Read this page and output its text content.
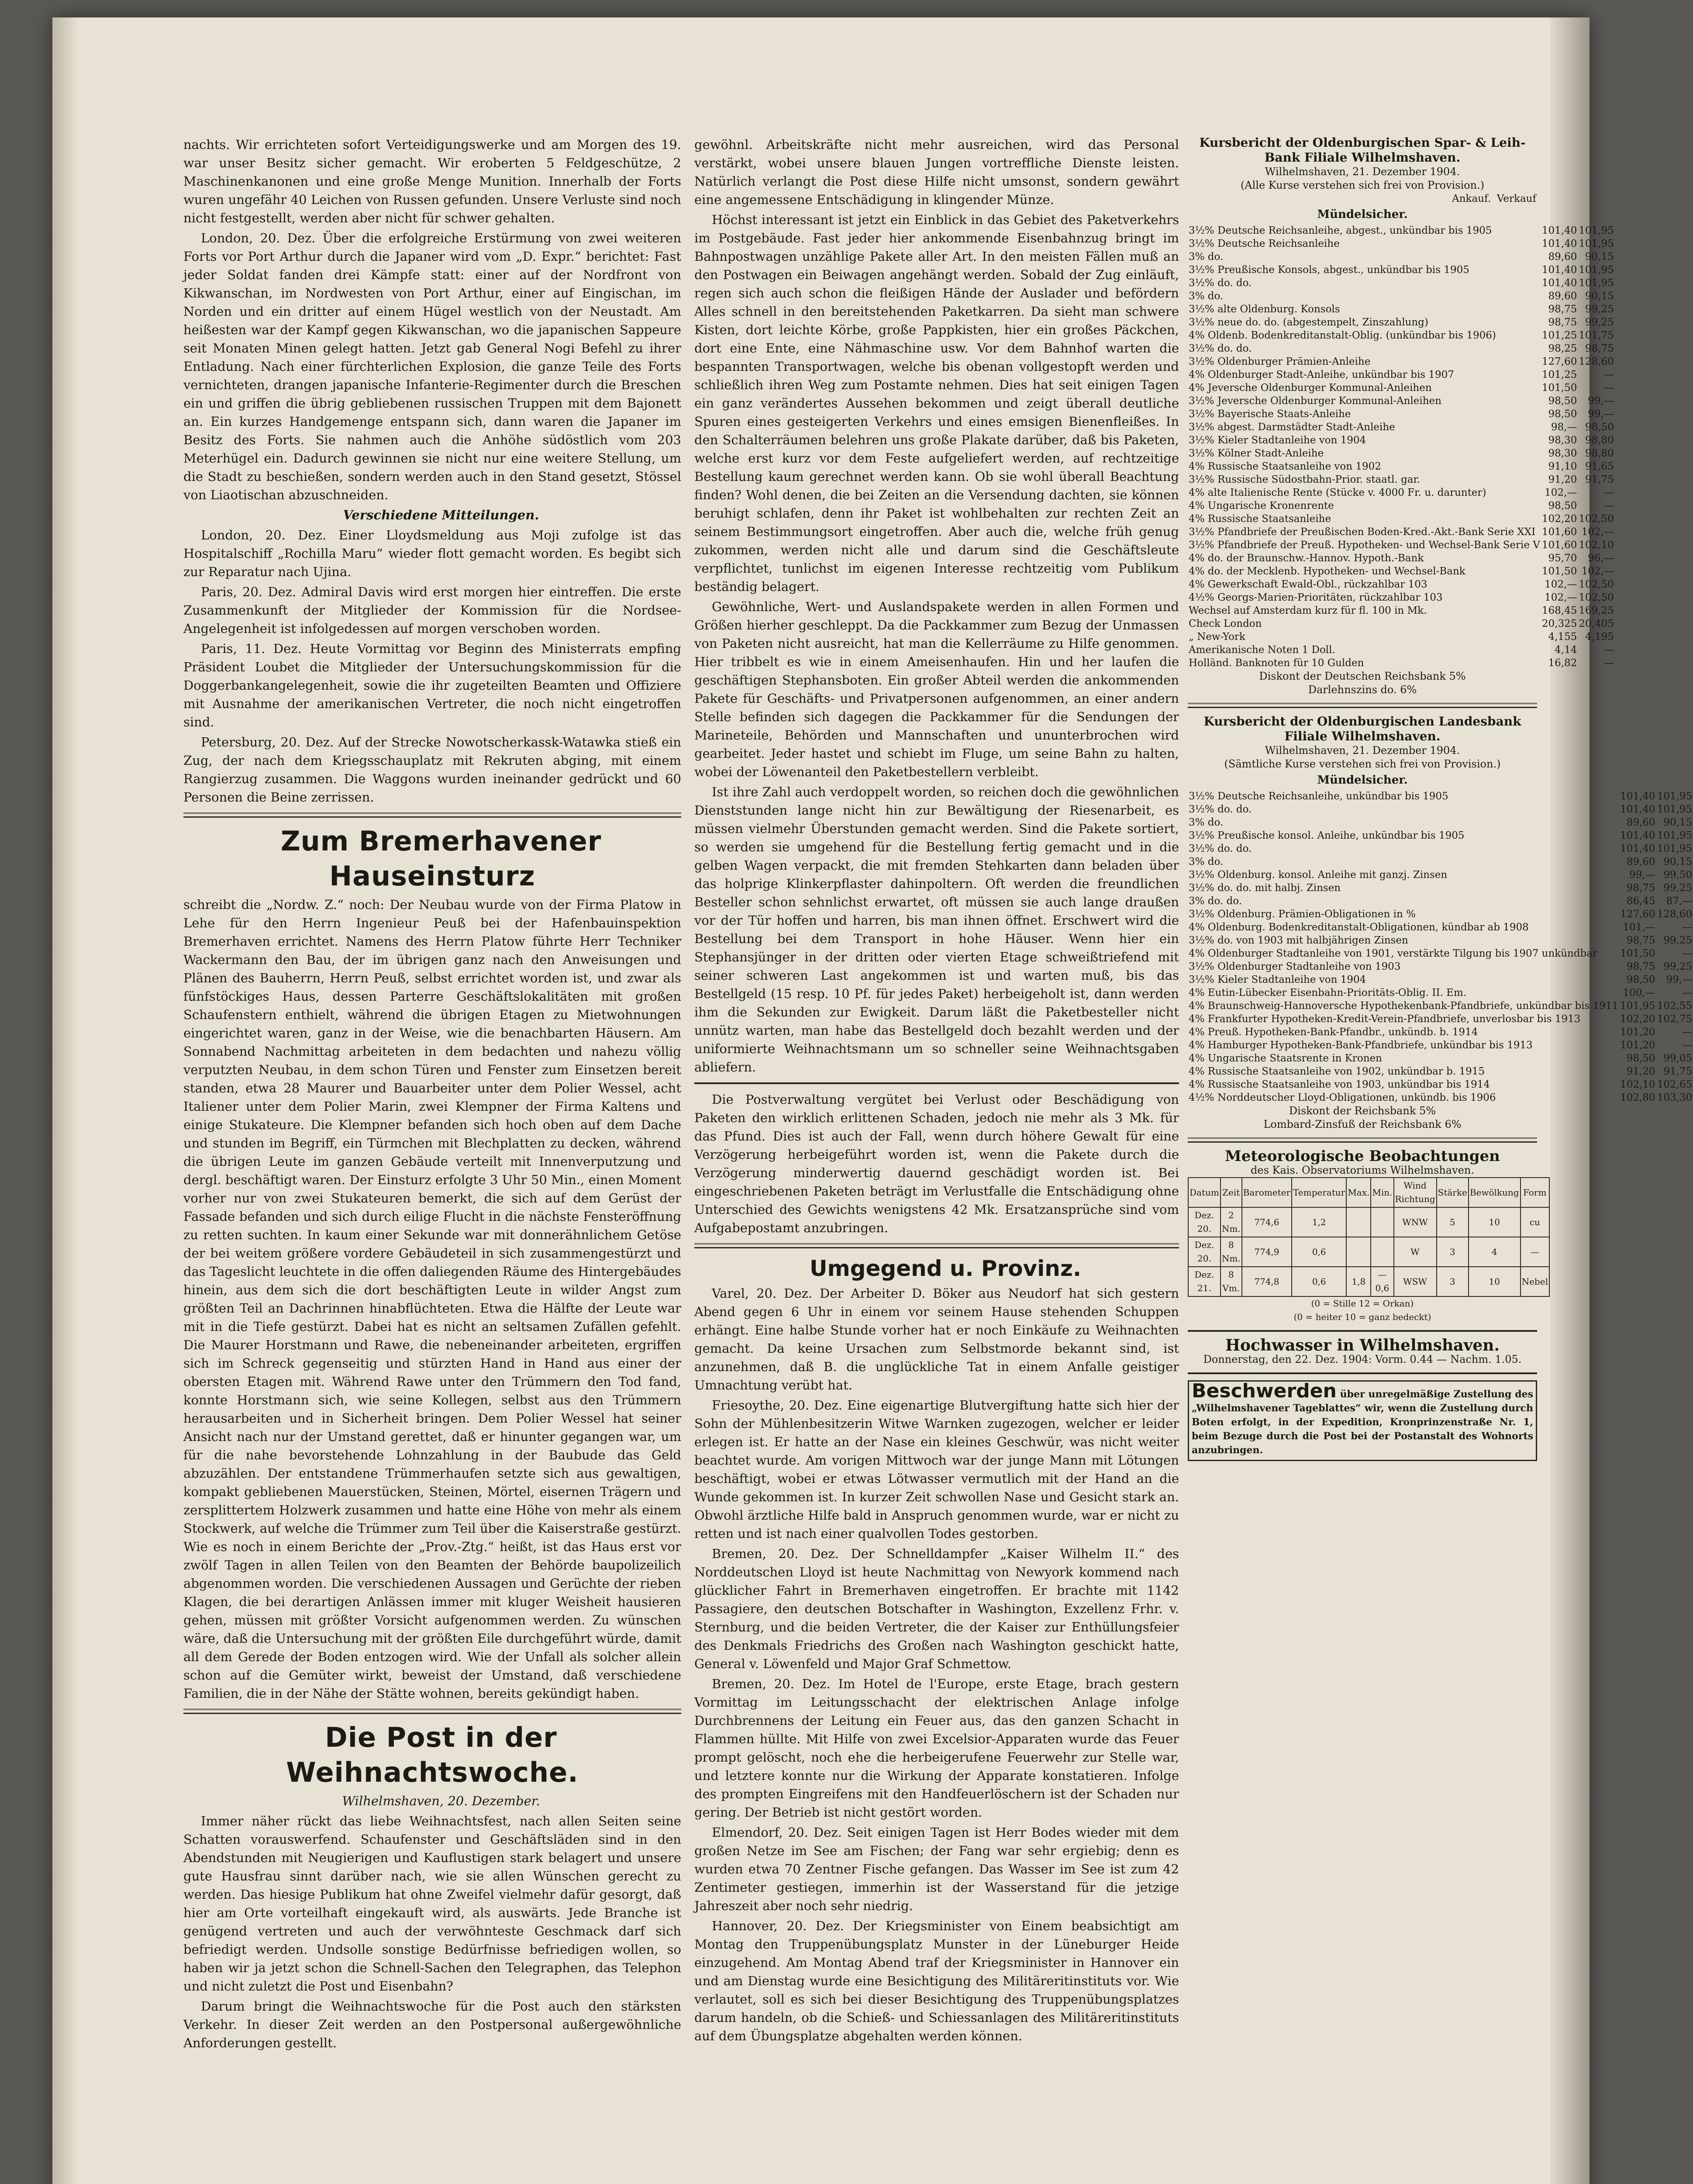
nachts. Wir errichteten sofort Verteidigungswerke und am Morgen des 19. war unser Besitz sicher gemacht. Wir eroberten 5 Feldgeschütze, 2 Maschinenkanonen und eine große Menge Munition. Innerhalb der Forts wuren ungefähr 40 Leichen von Russen gefunden. Unsere Verluste sind noch nicht festgestellt, werden aber nicht für schwer gehalten.

London, 20. Dez. Über die erfolgreiche Erstürmung von zwei weiteren Forts vor Port Arthur durch die Japaner wird vom „D. Expr.“ berichtet: Fast jeder Soldat fanden drei Kämpfe statt: einer auf der Nordfront von Kikwanschan, im Nordwesten von Port Arthur, einer auf Eingischan, im Norden und ein dritter auf einem Hügel westlich von der Neustadt. Am heißesten war der Kampf gegen Kikwanschan, wo die japanischen Sappeure seit Monaten Minen gelegt hatten. Jetzt gab General Nogi Befehl zu ihrer Entladung. Nach einer fürchterlichen Explosion, die ganze Teile des Forts vernichteten, drangen japanische Infanterie-Regimenter durch die Breschen ein und griffen die übrig gebliebenen russischen Truppen mit dem Bajonett an. Ein kurzes Handgemenge entspann sich, dann waren die Japaner im Besitz des Forts. Sie nahmen auch die Anhöhe südöstlich vom 203 Meterhügel ein. Dadurch gewinnen sie nicht nur eine weitere Stellung, um die Stadt zu beschießen, sondern werden auch in den Stand gesetzt, Stössel von Liaotischan abzuschneiden.

Verschiedene Mitteilungen.

London, 20. Dez. Einer Lloydsmeldung aus Moji zufolge ist das Hospitalschiff „Rochilla Maru“ wieder flott gemacht worden. Es begibt sich zur Reparatur nach Ujina.

Paris, 20. Dez. Admiral Davis wird erst morgen hier eintreffen. Die erste Zusammenkunft der Mitglieder der Kommission für die Nordsee-Angelegenheit ist infolgedessen auf morgen verschoben worden.

Paris, 11. Dez. Heute Vormittag vor Beginn des Ministerrats empfing Präsident Loubet die Mitglieder der Untersuchungskommission für die Doggerbankangelegenheit, sowie die ihr zugeteilten Beamten und Offiziere mit Ausnahme der amerikanischen Vertreter, die noch nicht eingetroffen sind.

Petersburg, 20. Dez. Auf der Strecke Nowotscherkassk-Watawka stieß ein Zug, der nach dem Kriegsschauplatz mit Rekruten abging, mit einem Rangierzug zusammen. Die Waggons wurden ineinander gedrückt und 60 Personen die Beine zerrissen.

Zum Bremerhavener Hauseinsturz

schreibt die „Nordw. Z.“ noch: Der Neubau wurde von der Firma Platow in Lehe für den Herrn Ingenieur Peuß bei der Hafenbauinspektion Bremerhaven errichtet. Namens des Herrn Platow führte Herr Techniker Wackermann den Bau, der im übrigen ganz nach den Anweisungen und Plänen des Bauherrn, Herrn Peuß, selbst errichtet worden ist, und zwar als fünfstöckiges Haus, dessen Parterre Geschäftslokalitäten mit großen Schaufenstern enthielt, während die übrigen Etagen zu Mietwohnungen eingerichtet waren, ganz in der Weise, wie die benachbarten Häusern. Am Sonnabend Nachmittag arbeiteten in dem bedachten und nahezu völlig verputzten Neubau, in dem schon Türen und Fenster zum Einsetzen bereit standen, etwa 28 Maurer und Bauarbeiter unter dem Polier Wessel, acht Italiener unter dem Polier Marin, zwei Klempner der Firma Kaltens und einige Stukateure. Die Klempner befanden sich hoch oben auf dem Dache und stunden im Begriff, ein Türmchen mit Blechplatten zu decken, während die übrigen Leute im ganzen Gebäude verteilt mit Innenverputzung und dergl. beschäftigt waren. Der Einsturz erfolgte 3 Uhr 50 Min., einen Moment vorher nur von zwei Stukateuren bemerkt, die sich auf dem Gerüst der Fassade befanden und sich durch eilige Flucht in die nächste Fensteröffnung zu retten suchten. In kaum einer Sekunde war mit donnerähnlichem Getöse der bei weitem größere vordere Gebäudeteil in sich zusammengestürzt und das Tageslicht leuchtete in die offen daliegenden Räume des Hintergebäudes hinein, aus dem sich die dort beschäftigten Leute in wilder Angst zum größten Teil an Dachrinnen hinabflüchteten. Etwa die Hälfte der Leute war mit in die Tiefe gestürzt. Dabei hat es nicht an seltsamen Zufällen gefehlt. Die Maurer Horstmann und Rawe, die nebeneinander arbeiteten, ergriffen sich im Schreck gegenseitig und stürzten Hand in Hand aus einer der obersten Etagen mit. Während Rawe unter den Trümmern den Tod fand, konnte Horstmann sich, wie seine Kollegen, selbst aus den Trümmern herausarbeiten und in Sicherheit bringen. Dem Polier Wessel hat seiner Ansicht nach nur der Umstand gerettet, daß er hinunter gegangen war, um für die nahe bevorstehende Lohnzahlung in der Baubude das Geld abzuzählen. Der entstandene Trümmerhaufen setzte sich aus gewaltigen, kompakt gebliebenen Mauerstücken, Steinen, Mörtel, eisernen Trägern und zersplittertem Holzwerk zusammen und hatte eine Höhe von mehr als einem Stockwerk, auf welche die Trümmer zum Teil über die Kaiserstraße gestürzt. Wie es noch in einem Berichte der „Prov.-Ztg.“ heißt, ist das Haus erst vor zwölf Tagen in allen Teilen von den Beamten der Behörde baupolizeilich abgenommen worden. Die verschiedenen Aussagen und Gerüchte der rieben Klagen, die bei derartigen Anlässen immer mit kluger Weisheit hausieren gehen, müssen mit größter Vorsicht aufgenommen werden. Zu wünschen wäre, daß die Untersuchung mit der größten Eile durchgeführt würde, damit all dem Gerede der Boden entzogen wird. Wie der Unfall als solcher allein schon auf die Gemüter wirkt, beweist der Umstand, daß verschiedene Familien, die in der Nähe der Stätte wohnen, bereits gekündigt haben.

Die Post in der Weihnachtswoche.

Wilhelmshaven, 20. Dezember.

Immer näher rückt das liebe Weihnachtsfest, nach allen Seiten seine Schatten vorauswerfend. Schaufenster und Geschäftsläden sind in den Abendstunden mit Neugierigen und Kauflustigen stark belagert und unsere gute Hausfrau sinnt darüber nach, wie sie allen Wünschen gerecht zu werden. Das hiesige Publikum hat ohne Zweifel vielmehr dafür gesorgt, daß hier am Orte vorteilhaft eingekauft wird, als auswärts. Jede Branche ist genügend vertreten und auch der verwöhnteste Geschmack darf sich befriedigt werden. Undsolle sonstige Bedürfnisse befriedigen wollen, so haben wir ja jetzt schon die Schnell-Sachen den Telegraphen, das Telephon und nicht zuletzt die Post und Eisenbahn?

Darum bringt die Weihnachtswoche für die Post auch den stärksten Verkehr. In dieser Zeit werden an den Postpersonal außergewöhnliche Anforderungen gestellt.

gewöhnl. Arbeitskräfte nicht mehr ausreichen, wird das Personal verstärkt, wobei unsere blauen Jungen vortreffliche Dienste leisten. Natürlich verlangt die Post diese Hilfe nicht umsonst, sondern gewährt eine angemessene Entschädigung in klingender Münze.

Höchst interessant ist jetzt ein Einblick in das Gebiet des Paketverkehrs im Postgebäude. Fast jeder hier ankommende Eisenbahnzug bringt im Bahnpostwagen unzählige Pakete aller Art. In den meisten Fällen muß an den Postwagen ein Beiwagen angehängt werden. Sobald der Zug einläuft, regen sich auch schon die fleißigen Hände der Auslader und befördern Alles schnell in den bereitstehenden Paketkarren. Da sieht man schwere Kisten, dort leichte Körbe, große Pappkisten, hier ein großes Päckchen, dort eine Ente, eine Nähmaschine usw. Vor dem Bahnhof warten die bespannten Transportwagen, welche bis obenan vollgestopft werden und schließlich ihren Weg zum Postamte nehmen. Dies hat seit einigen Tagen ein ganz verändertes Aussehen bekommen und zeigt überall deutliche Spuren eines gesteigerten Verkehrs und eines emsigen Bienenfleißes. In den Schalterräumen belehren uns große Plakate darüber, daß bis Paketen, welche erst kurz vor dem Feste aufgeliefert werden, auf rechtzeitige Bestellung kaum gerechnet werden kann. Ob sie wohl überall Beachtung finden? Wohl denen, die bei Zeiten an die Versendung dachten, sie können beruhigt schlafen, denn ihr Paket ist wohlbehalten zur rechten Zeit an seinem Bestimmungsort eingetroffen. Aber auch die, welche früh genug zukommen, werden nicht alle und darum sind die Geschäftsleute verpflichtet, tunlichst im eigenen Interesse rechtzeitig vom Publikum beständig belagert.

Gewöhnliche, Wert- und Auslandspakete werden in allen Formen und Größen hierher geschleppt. Da die Packkammer zum Bezug der Unmassen von Paketen nicht ausreicht, hat man die Kellerräume zu Hilfe genommen. Hier tribbelt es wie in einem Ameisenhaufen. Hin und her laufen die geschäftigen Stephansboten. Ein großer Abteil werden die ankommenden Pakete für Geschäfts- und Privatpersonen aufgenommen, an einer andern Stelle befinden sich dagegen die Packkammer für die Sendungen der Marineteile, Behörden und Mannschaften und ununterbrochen wird gearbeitet. Jeder hastet und schiebt im Fluge, um seine Bahn zu halten, wobei der Löwenanteil den Paketbestellern verbleibt.

Ist ihre Zahl auch verdoppelt worden, so reichen doch die gewöhnlichen Dienststunden lange nicht hin zur Bewältigung der Riesenarbeit, es müssen vielmehr Überstunden gemacht werden. Sind die Pakete sortiert, so werden sie umgehend für die Bestellung fertig gemacht und in die gelben Wagen verpackt, die mit fremden Stehkarten dann beladen über das holprige Klinkerpflaster dahinpoltern. Oft werden die freundlichen Besteller schon sehnlichst erwartet, oft müssen sie auch lange draußen vor der Tür hoffen und harren, bis man ihnen öffnet. Erschwert wird die Bestellung bei dem Transport in hohe Häuser. Wenn hier ein Stephansjünger in der dritten oder vierten Etage schweißtriefend mit seiner schweren Last angekommen ist und warten muß, bis das Bestellgeld (15 resp. 10 Pf. für jedes Paket) herbeigeholt ist, dann werden ihm die Sekunden zur Ewigkeit. Darum läßt die Paketbesteller nicht unnütz warten, man habe das Bestellgeld doch bezahlt werden und der uniformierte Weihnachtsmann um so schneller seine Weihnachtsgaben abliefern.

Die Postverwaltung vergütet bei Verlust oder Beschädigung von Paketen den wirklich erlittenen Schaden, jedoch nie mehr als 3 Mk. für das Pfund. Dies ist auch der Fall, wenn durch höhere Gewalt für eine Verzögerung herbeigeführt worden ist, wenn die Pakete durch die Verzögerung minderwertig dauernd geschädigt worden ist. Bei eingeschriebenen Paketen beträgt im Verlustfalle die Entschädigung ohne Unterschied des Gewichts wenigstens 42 Mk. Ersatzansprüche sind vom Aufgabepostamt anzubringen.

Umgegend u. Provinz.

Varel, 20. Dez. Der Arbeiter D. Böker aus Neudorf hat sich gestern Abend gegen 6 Uhr in einem vor seinem Hause stehenden Schuppen erhängt. Eine halbe Stunde vorher hat er noch Einkäufe zu Weihnachten gemacht. Da keine Ursachen zum Selbstmorde bekannt sind, ist anzunehmen, daß B. die unglückliche Tat in einem Anfalle geistiger Umnachtung verübt hat.

Friesoythe, 20. Dez. Eine eigenartige Blutvergiftung hatte sich hier der Sohn der Mühlenbesitzerin Witwe Warnken zugezogen, welcher er leider erlegen ist. Er hatte an der Nase ein kleines Geschwür, was nicht weiter beachtet wurde. Am vorigen Mittwoch war der junge Mann mit Lötungen beschäftigt, wobei er etwas Lötwasser vermutlich mit der Hand an die Wunde gekommen ist. In kurzer Zeit schwollen Nase und Gesicht stark an. Obwohl ärztliche Hilfe bald in Anspruch genommen wurde, war er nicht zu retten und ist nach einer qualvollen Todes gestorben.

Bremen, 20. Dez. Der Schnelldampfer „Kaiser Wilhelm II.“ des Norddeutschen Lloyd ist heute Nachmittag von Newyork kommend nach glücklicher Fahrt in Bremerhaven eingetroffen. Er brachte mit 1142 Passagiere, den deutschen Botschafter in Washington, Exzellenz Frhr. v. Sternburg, und die beiden Vertreter, die der Kaiser zur Enthüllungsfeier des Denkmals Friedrichs des Großen nach Washington geschickt hatte, General v. Löwenfeld und Major Graf Schmettow.

Bremen, 20. Dez. Im Hotel de l'Europe, erste Etage, brach gestern Vormittag im Leitungsschacht der elektrischen Anlage infolge Durchbrennens der Leitung ein Feuer aus, das den ganzen Schacht in Flammen hüllte. Mit Hilfe von zwei Excelsior-Apparaten wurde das Feuer prompt gelöscht, noch ehe die herbeigerufene Feuerwehr zur Stelle war, und letztere konnte nur die Wirkung der Apparate konstatieren. Infolge des prompten Eingreifens mit den Handfeuerlöschern ist der Schaden nur gering. Der Betrieb ist nicht gestört worden.

Elmendorf, 20. Dez. Seit einigen Tagen ist Herr Bodes wieder mit dem großen Netze im See am Fischen; der Fang war sehr ergiebig; denn es wurden etwa 70 Zentner Fische gefangen. Das Wasser im See ist zum 42 Zentimeter gestiegen, immerhin ist der Wasserstand für die jetzige Jahreszeit aber noch sehr niedrig.

Hannover, 20. Dez. Der Kriegsminister von Einem beabsichtigt am Montag den Truppenübungsplatz Munster in der Lüneburger Heide einzugehend. Am Montag Abend traf der Kriegsminister in Hannover ein und am Dienstag wurde eine Besichtigung des Militäreritinstituts vor. Wie verlautet, soll es sich bei dieser Besichtigung des Truppenübungsplatzes darum handeln, ob die Schieß- und Schiessanlagen des Militäreritinstituts auf dem Übungsplatze abgehalten werden können.

Kursbericht der Oldenburgischen Spar- & Leih-Bank Filiale Wilhelmshaven.
Wilhelmshaven, 21. Dezember 1904.
(Alle Kurse verstehen sich frei von Provision.)
	Ankauf.	Verkauf
Mündelsicher.
3½% Deutsche Reichsanleihe, abgest., unkündbar bis 1905	101,40	101,95
3½% Deutsche Reichsanleihe	101,40	101,95
3% do.	89,60	90,15
3½% Preußische Konsols, abgest., unkündbar bis 1905	101,40	101,95
3½% do. do.	101,40	101,95
3% do.	89,60	90,15
3½% alte Oldenburg. Konsols	98,75	99,25
3½% neue do. do. (abgestempelt, Zinszahlung)	98,75	99,25
4% Oldenb. Bodenkreditanstalt-Oblig. (unkündbar bis 1906)	101,25	101,75
3½% do. do.	98,25	98,75
3½% Oldenburger Prämien-Anleihe	127,60	128,60
4% Oldenburger Stadt-Anleihe, unkündbar bis 1907	101,25	—
4% Jeversche Oldenburger Kommunal-Anleihen	101,50	—
3½% Jeversche Oldenburger Kommunal-Anleihen	98,50	99,—
3½% Bayerische Staats-Anleihe	98,50	99,—
3½% abgest. Darmstädter Stadt-Anleihe	98,—	98,50
3½% Kieler Stadtanleihe von 1904	98,30	98,80
3½% Kölner Stadt-Anleihe	98,30	98,80
4% Russische Staatsanleihe von 1902	91,10	91,65
3½% Russische Südostbahn-Prior. staatl. gar.	91,20	91,75
4% alte Italienische Rente (Stücke v. 4000 Fr. u. darunter)	102,—	—
4% Ungarische Kronenrente	98,50	—
4% Russische Staatsanleihe	102,20	102,50
3½% Pfandbriefe der Preußischen Boden-Kred.-Akt.-Bank Serie XXI	101,60	102,—
3½% Pfandbriefe der Preuß. Hypotheken- und Wechsel-Bank Serie V	101,60	102,10
4% do. der Braunschw.-Hannov. Hypoth.-Bank	95,70	96,—
4% do. der Mecklenb. Hypotheken- und Wechsel-Bank	101,50	102,—
4% Gewerkschaft Ewald-Obl., rückzahlbar 103	102,—	102,50
4½% Georgs-Marien-Prioritäten, rückzahlbar 103	102,—	102,50
Wechsel auf Amsterdam kurz für fl. 100 in Mk.	168,45	169,25
Check London	20,325	20,405
„ New-York	4,155	4,195
Amerikanische Noten 1 Doll.	4,14	—
Holländ. Banknoten für 10 Gulden	16,82	—
Diskont der Deutschen Reichsbank 5%
Darlehnszins do. 6%
Kursbericht der Oldenburgischen Landesbank Filiale Wilhelmshaven.
Wilhelmshaven, 21. Dezember 1904.
(Sämtliche Kurse verstehen sich frei von Provision.)
Mündelsicher.
3½% Deutsche Reichsanleihe, unkündbar bis 1905	101,40	101,95
3½% do. do.	101,40	101,95
3% do.	89,60	90,15
3½% Preußische konsol. Anleihe, unkündbar bis 1905	101,40	101,95
3½% do. do.	101,40	101,95
3% do.	89,60	90,15
3½% Oldenburg. konsol. Anleihe mit ganzj. Zinsen	99,—	99,50
3½% do. do. mit halbj. Zinsen	98,75	99,25
3% do. do.	86,45	87,—
3½% Oldenburg. Prämien-Obligationen in %	127,60	128,60
4% Oldenburg. Bodenkreditanstalt-Obligationen, kündbar ab 1908	101,—	—
3½% do. von 1903 mit halbjährigen Zinsen	98,75	99,25
4% Oldenburger Stadtanleihe von 1901, verstärkte Tilgung bis 1907 unkündbar	101,50	—
3½% Oldenburger Stadtanleihe von 1903	98,75	99,25
3½% Kieler Stadtanleihe von 1904	98,50	99,—
4% Eutin-Lübecker Eisenbahn-Prioritäts-Oblig. II. Em.	100,—	—
4% Braunschweig-Hannoversche Hypothekenbank-Pfandbriefe, unkündbar bis 1911	101,95	102,55
4% Frankfurter Hypotheken-Kredit-Verein-Pfandbriefe, unverlosbar bis 1913	102,20	102,75
4% Preuß. Hypotheken-Bank-Pfandbr., unkündb. b. 1914	101,20	—
4% Hamburger Hypotheken-Bank-Pfandbriefe, unkündbar bis 1913	101,20	—
4% Ungarische Staatsrente in Kronen	98,50	99,05
4% Russische Staatsanleihe von 1902, unkündbar b. 1915	91,20	91,75
4% Russische Staatsanleihe von 1903, unkündbar bis 1914	102,10	102,65
4½% Norddeutscher Lloyd-Obligationen, unkündb. bis 1906	102,80	103,30
Diskont der Reichsbank 5%
Lombard-Zinsfuß der Reichsbank 6%
Meteorologische Beobachtungen
des Kais. Observatoriums Wilhelmshaven.
Datum	Zeit	Barometer	Temperatur	Max.	Min.	Wind Richtung	Stärke	Bewölkung	Form
Dez. 20.	2 Nm.	774,6	1,2			WNW	5	10	cu
Dez. 20.	8 Nm.	774,9	0,6			W	3	4	—
Dez. 21.	8 Vm.	774,8	0,6	1,8	—0,6	WSW	3	10	Nebel
(0 = Stille 12 = Orkan)
(0 = heiter 10 = ganz bedeckt)
Hochwasser in Wilhelmshaven.
Donnerstag, den 22. Dez. 1904: Vorm. 0.44 — Nachm. 1.05.
Beschwerden über unregelmäßige Zustellung des „Wilhelmshavener Tageblattes“ wir, wenn die Zustellung durch Boten erfolgt, in der Expedition, Kronprinzenstraße Nr. 1, beim Bezuge durch die Post bei der Postanstalt des Wohnorts anzubringen.
